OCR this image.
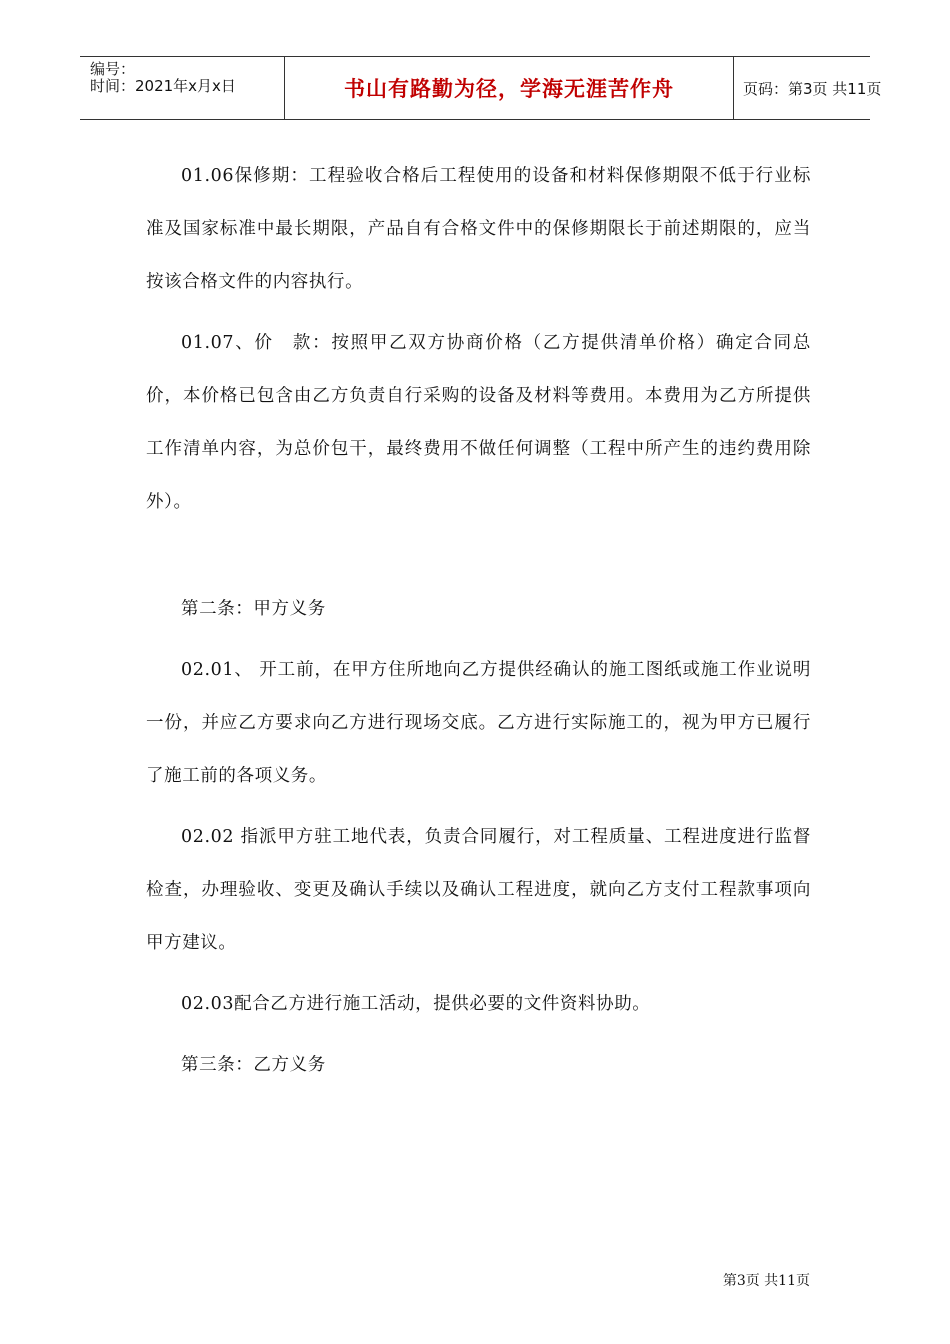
编号：
时间：2021年x月x日	书山有路勤为径，学海无涯苦作舟	页码：第3页 共11页

01.06保修期：工程验收合格后工程使用的设备和材料保修期限不低于行业标准及国家标准中最长期限，产品自有合格文件中的保修期限长于前述期限的，应当按该合格文件的内容执行。

01.07、价　款：按照甲乙双方协商价格（乙方提供清单价格）确定合同总价，本价格已包含由乙方负责自行采购的设备及材料等费用。本费用为乙方所提供工作清单内容，为总价包干，最终费用不做任何调整（工程中所产生的违约费用除外）。

第二条：甲方义务

02.01、 开工前，在甲方住所地向乙方提供经确认的施工图纸或施工作业说明一份，并应乙方要求向乙方进行现场交底。乙方进行实际施工的，视为甲方已履行了施工前的各项义务。

02.02 指派甲方驻工地代表，负责合同履行，对工程质量、工程进度进行监督检查，办理验收、变更及确认手续以及确认工程进度，就向乙方支付工程款事项向甲方建议。

02.03配合乙方进行施工活动，提供必要的文件资料协助。

第三条：乙方义务

第3页 共11页
